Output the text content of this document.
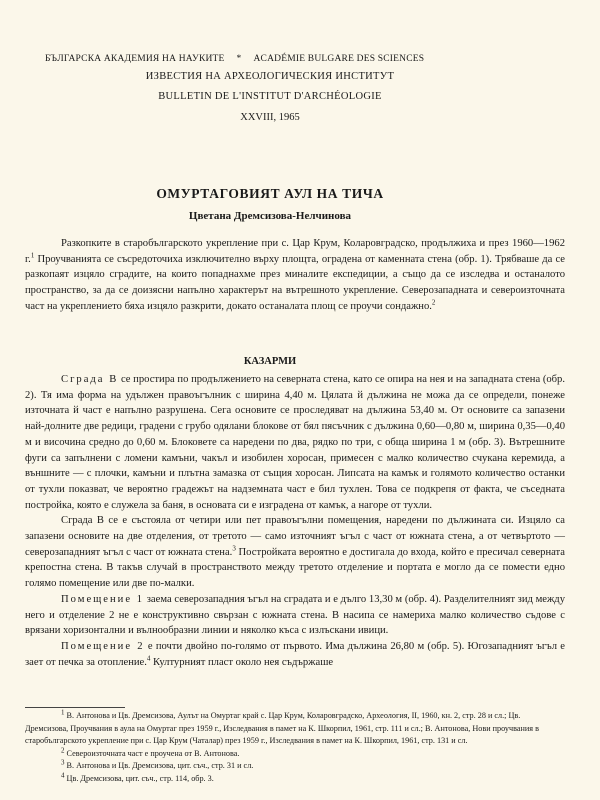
БЪЛГАРСКА АКАДЕМИЯ НА НАУКИТЕ * ACADÉMIE BULGARE DES SCIENCES
ИЗВЕСТИЯ НА АРХЕОЛОГИЧЕСКИЯ ИНСТИТУТ
BULLETIN DE L'INSTITUT D'ARCHÉOLOGIE
XXVIII, 1965
ОМУРТАГОВИЯТ АУЛ НА ТИЧА
Цветана Дремсизова-Нелчинова

Разкопките в старобългарското укрепление при с. Цар Крум, Коларовградско, продължиха и през 1960—1962 г.$^1$ Проучванията се съсредоточиха изключително върху площта, оградена от каменната стена (обр. 1). Трябваше да се разкопаят изцяло сградите, на които попаднахме през миналите експедиции, а също да се изследва и останалото пространство, за да се доизясни напълно характерът на вътрешното укрепление. Северозападната и североизточната част на укреплението бяха изцяло разкрити, докато останалата площ се проучи сондажно.$^2$

КАЗАРМИ

Сграда В се простира по продължението на северната стена, като се опира на нея и на западната стена (обр. 2). Тя има форма на удължен правоъгълник с ширина 4,40 м. Цялата й дължина не можа да се определи, понеже източната й част е напълно разрушена. Сега основите се проследяват на дължина 53,40 м. От основите са запазени най-долните две редици, градени с грубо одялани блокове от бял пясъчник с дължина 0,60—0,80 м, ширина 0,35—0,40 м и височина средно до 0,60 м. Блоковете са наредени по два, рядко по три, с обща ширина 1 м (обр. 3). Вътрешните фуги са запълнени с ломени камъни, чакъл и изобилен хоросан, примесен с малко количество счукана керемида, а външните — с плочки, камъни и плътна замазка от същия хоросан. Липсата на камък и голямото количество останки от тухли показват, че вероятно градежът на надземната част е бил тухлен. Това се подкрепя от факта, че съседната постройка, която е служела за баня, в основата си е изградена от камък, а нагоре от тухли.

Сграда В се е състояла от четири или пет правоъгълни помещения, наредени по дължината си. Изцяло са запазени основите на две отделения, от третото — само източният ъгъл с част от южната стена, а от четвъртото — северозападният ъгъл с част от южната стена.$^3$ Постройката вероятно е достигала до входа, който е пресичал северната крепостна стена. В такъв случай в пространството между третото отделение и портата е могло да се помести едно голямо помещение или две по-малки.

Помещение 1 заема северозападния ъгъл на сградата и е дълго 13,30 м (обр. 4). Разделителният зид между него и отделение 2 не е конструктивно свързан с южната стена. В насипа се намериха малко количество съдове с врязани хоризонтални и вълнообразни линии и няколко къса с излъскани ивици.

Помещение 2 е почти двойно по-голямо от първото. Има дължина 26,80 м (обр. 5). Югозападният ъгъл е зает от печка за отопление.$^4$ Културният пласт около нея съдържаше

$^1$ В. Антонова и Цв. Дремсизова, Аулът на Омуртаг край с. Цар Крум, Коларовградско, Археология, II, 1960, кн. 2, стр. 28 и сл.; Цв. Дремсизова, Проучвания в аула на Омуртаг през 1959 г., Изследвания в памет на К. Шкорпил, 1961, стр. 111 и сл.; В. Антонова, Нови проучвания в старобългарското укрепление при с. Цар Крум (Чаталар) през 1959 г., Изследвания в памет на К. Шкорпил, 1961, стр. 131 и сл.

$^2$ Североизточната част е проучена от В. Антонова.

$^3$ В. Антонова и Цв. Дремсизова, цит. съч., стр. 31 и сл.

$^4$ Цв. Дремсизова, цит. съч., стр. 114, обр. 3.
